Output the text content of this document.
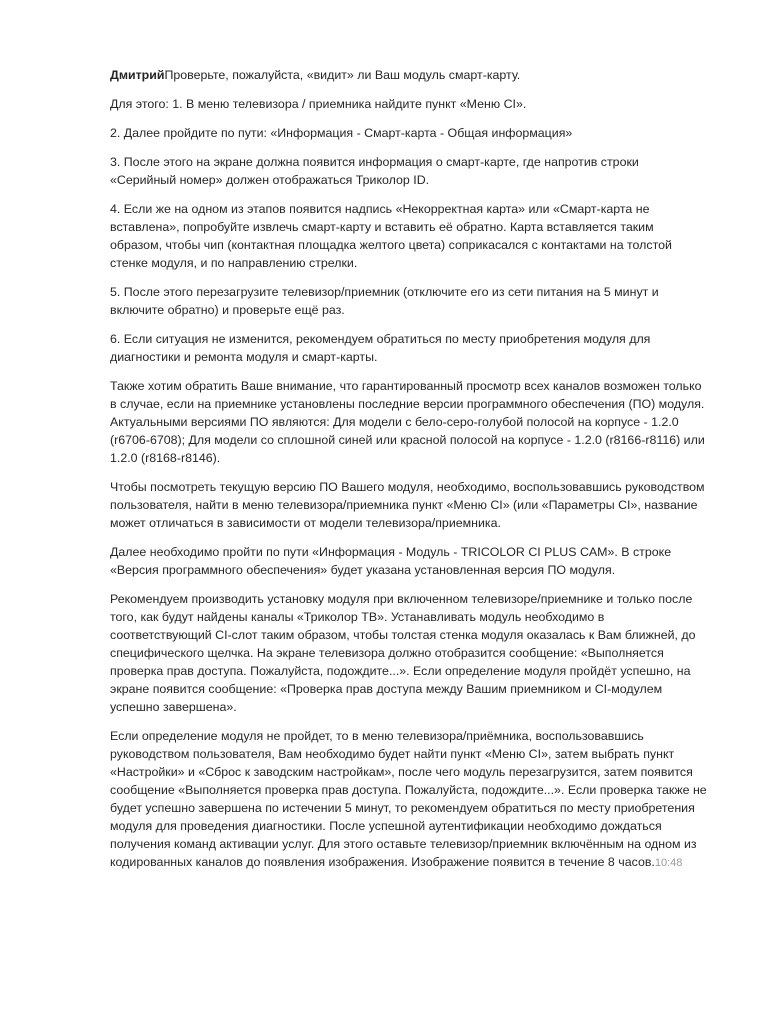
ДмитрийПроверьте, пожалуйста, «видит» ли Ваш модуль смарт-карту.

Для этого: 1. В меню телевизора / приемника найдите пункт «Меню CI».

2. Далее пройдите по пути: «Информация - Смарт-карта - Общая информация»

3. После этого на экране должна появится информация о смарт-карте, где напротив строки «Серийный номер» должен отображаться Триколор ID.

4. Если же на одном из этапов появится надпись «Некорректная карта» или «Смарт-карта не вставлена», попробуйте извлечь смарт-карту и вставить её обратно. Карта вставляется таким образом, чтобы чип (контактная площадка желтого цвета) соприкасался с контактами на толстой стенке модуля, и по направлению стрелки.

5. После этого перезагрузите телевизор/приемник (отключите его из сети питания на 5 минут и включите обратно) и проверьте ещё раз.

6. Если ситуация не изменится, рекомендуем обратиться по месту приобретения модуля для диагностики и ремонта модуля и смарт-карты.

Также хотим обратить Ваше внимание, что гарантированный просмотр всех каналов возможен только в случае, если на приемнике установлены последние версии программного обеспечения (ПО) модуля. Актуальными версиями ПО являются: Для модели с бело-серо-голубой полосой на корпусе - 1.2.0 (r6706-6708); Для модели со сплошной синей или красной полосой на корпусе - 1.2.0 (r8166-r8116) или 1.2.0 (r8168-r8146).

Чтобы посмотреть текущую версию ПО Вашего модуля, необходимо, воспользовавшись руководством пользователя, найти в меню телевизора/приемника пункт «Меню CI» (или «Параметры CI», название может отличаться в зависимости от модели телевизора/приемника.

Далее необходимо пройти по пути «Информация - Модуль - TRICOLOR CI PLUS CAM». В строке «Версия программного обеспечения» будет указана установленная версия ПО модуля.

Рекомендуем производить установку модуля при включенном телевизоре/приемнике и только после того, как будут найдены каналы «Триколор ТВ». Устанавливать модуль необходимо в соответствующий CI-слот таким образом, чтобы толстая стенка модуля оказалась к Вам ближней, до специфического щелчка. На экране телевизора должно отобразится сообщение: «Выполняется проверка прав доступа. Пожалуйста, подождите...». Если определение модуля пройдёт успешно, на экране появится сообщение: «Проверка прав доступа между Вашим приемником и CI-модулем успешно завершена».

Если определение модуля не пройдет, то в меню телевизора/приёмника, воспользовавшись руководством пользователя, Вам необходимо будет найти пункт «Меню CI», затем выбрать пункт «Настройки» и «Сброс к заводским настройкам», после чего модуль перезагрузится, затем появится сообщение «Выполняется проверка прав доступа. Пожалуйста, подождите...». Если проверка также не будет успешно завершена по истечении 5 минут, то рекомендуем обратиться по месту приобретения модуля для проведения диагностики. После успешной аутентификации необходимо дождаться получения команд активации услуг. Для этого оставьте телевизор/приемник включённым на одном из кодированных каналов до появления изображения. Изображение появится в течение 8 часов.10:48
